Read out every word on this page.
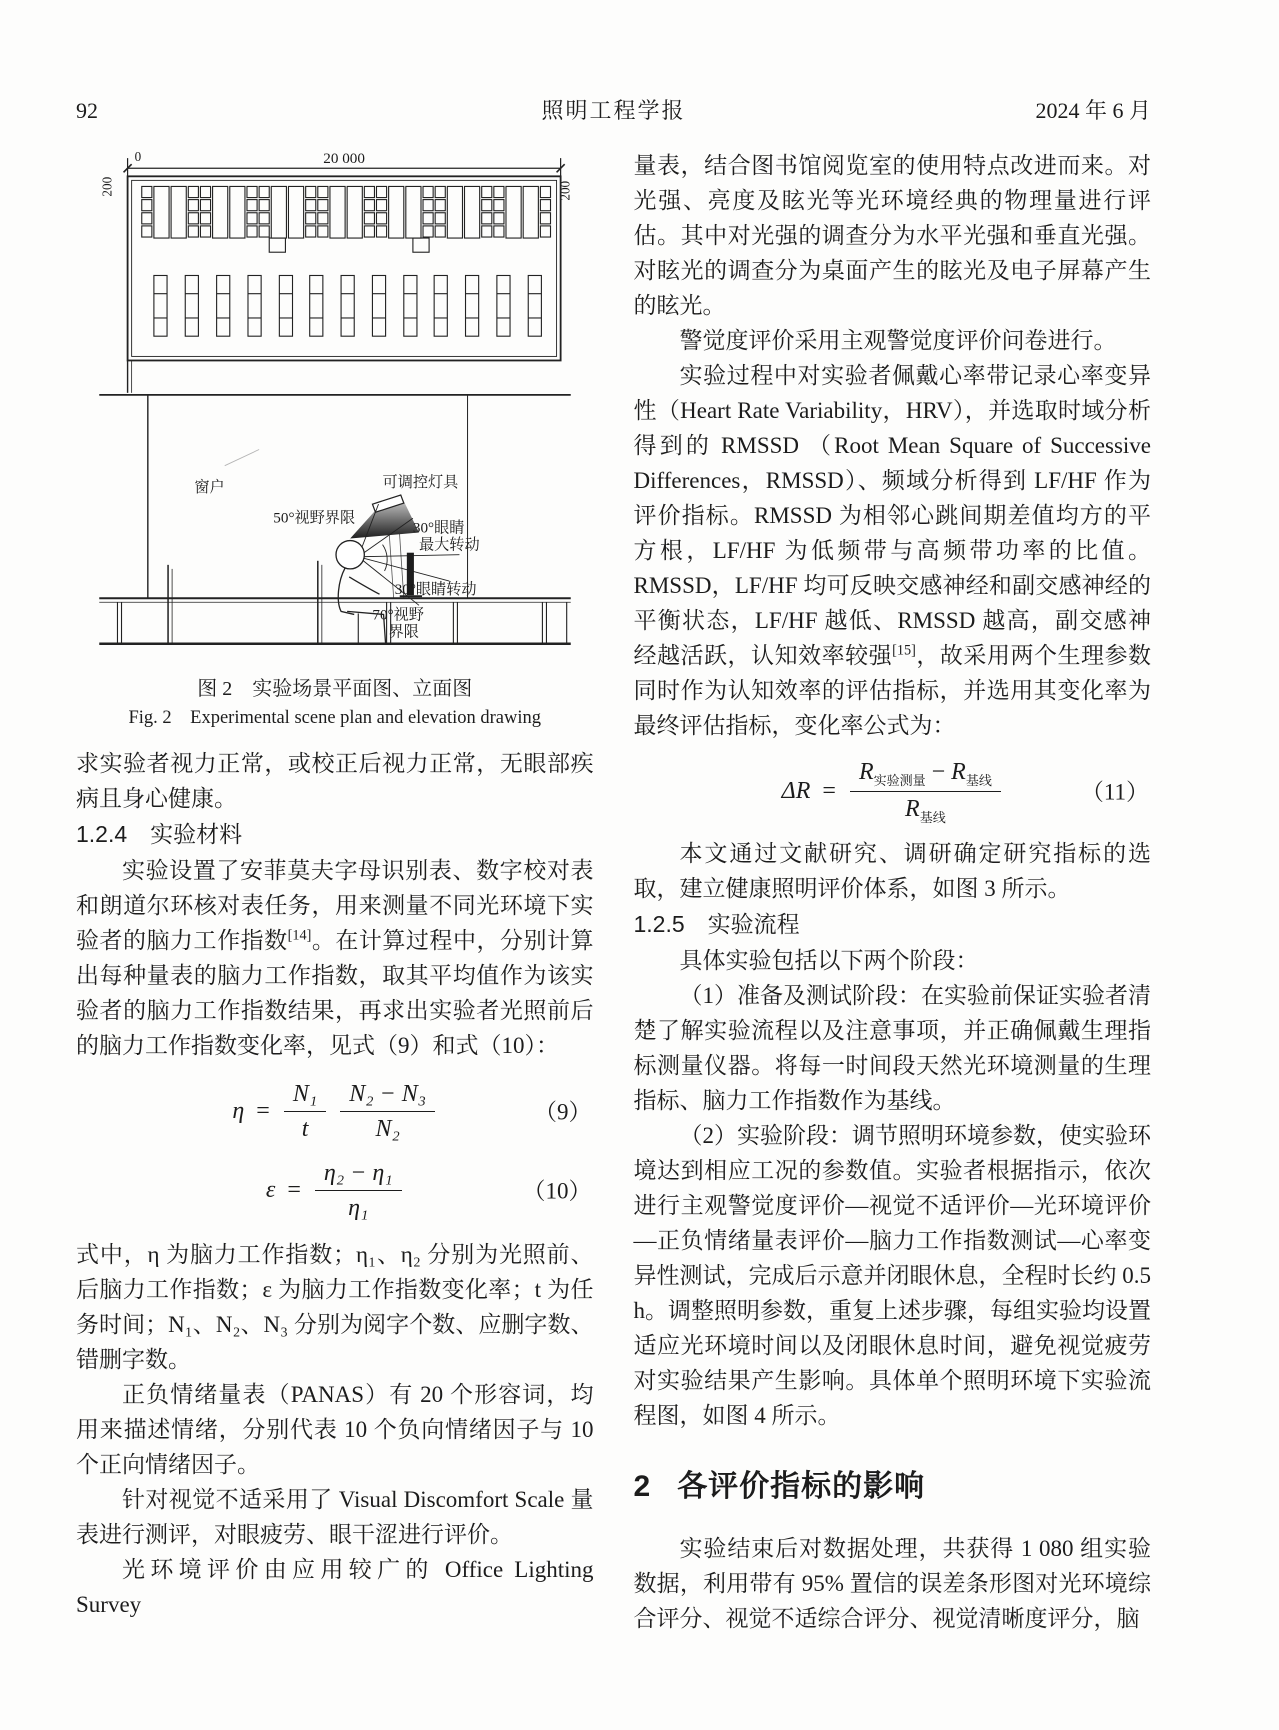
92	照明工程学报	2024 年 6 月
20 000
0
200	200
窗户	可调控灯具
50°视野界限
30°眼睛
最大转动
30°眼睛转动
70°视野
界限
图 2　实验场景平面图、立面图
Fig. 2　Experimental scene plan and elevation drawing

求实验者视力正常，或校正后视力正常，无眼部疾病且身心健康。

1.2.4　实验材料

实验设置了安菲莫夫字母识别表、数字校对表和朗道尔环核对表任务，用来测量不同光环境下实验者的脑力工作指数[14]。在计算过程中，分别计算出每种量表的脑力工作指数，取其平均值作为该实验者的脑力工作指数结果，再求出实验者光照前后的脑力工作指数变化率，见式（9）和式（10）：

$\eta = \frac{\text{N₁}}{t} \frac{\text{N₂ − N₃}}{\text{N₂}}$	（9）
$\varepsilon = \frac{\text{η₂ − η₁}}{\text{η₁}}$	（10）

式中，η 为脑力工作指数；η₁、η₂ 分别为光照前、后脑力工作指数；ε 为脑力工作指数变化率；t 为任务时间；N₁、N₂、N₃ 分别为阅字个数、应删字数、错删字数。

正负情绪量表（PANAS）有 20 个形容词，均用来描述情绪，分别代表 10 个负向情绪因子与 10 个正向情绪因子。

针对视觉不适采用了 Visual Discomfort Scale 量表进行测评，对眼疲劳、眼干涩进行评价。

光环境评价由应用较广的 Office Lighting Survey

量表，结合图书馆阅览室的使用特点改进而来。对光强、亮度及眩光等光环境经典的物理量进行评估。其中对光强的调查分为水平光强和垂直光强。对眩光的调查分为桌面产生的眩光及电子屏幕产生的眩光。

警觉度评价采用主观警觉度评价问卷进行。

实验过程中对实验者佩戴心率带记录心率变异性（Heart Rate Variability，HRV），并选取时域分析得到的 RMSSD （Root Mean Square of Successive Differences，RMSSD）、频域分析得到 LF/HF 作为评价指标。RMSSD 为相邻心跳间期差值均方的平方根，LF/HF 为低频带与高频带功率的比值。RMSSD，LF/HF 均可反映交感神经和副交感神经的平衡状态，LF/HF 越低、RMSSD 越高，副交感神经越活跃，认知效率较强[15]，故采用两个生理参数同时作为认知效率的评估指标，并选用其变化率为最终评估指标，变化率公式为：

$\Delta R = \frac{R_{实验测量} - R_{基线}}{R_{基线}}$	（11）

本文通过文献研究、调研确定研究指标的选取，建立健康照明评价体系，如图 3 所示。

1.2.5　实验流程

具体实验包括以下两个阶段：

（1）准备及测试阶段：在实验前保证实验者清楚了解实验流程以及注意事项，并正确佩戴生理指标测量仪器。将每一时间段天然光环境测量的生理指标、脑力工作指数作为基线。

（2）实验阶段：调节照明环境参数，使实验环境达到相应工况的参数值。实验者根据指示，依次进行主观警觉度评价—视觉不适评价—光环境评价—正负情绪量表评价—脑力工作指数测试—心率变异性测试，完成后示意并闭眼休息，全程时长约 0.5 h。调整照明参数，重复上述步骤，每组实验均设置适应光环境时间以及闭眼休息时间，避免视觉疲劳对实验结果产生影响。具体单个照明环境下实验流程图，如图 4 所示。

2 各评价指标的影响

实验结束后对数据处理，共获得 1 080 组实验数据，利用带有 95% 置信的误差条形图对光环境综合评分、视觉不适综合评分、视觉清晰度评分，脑
